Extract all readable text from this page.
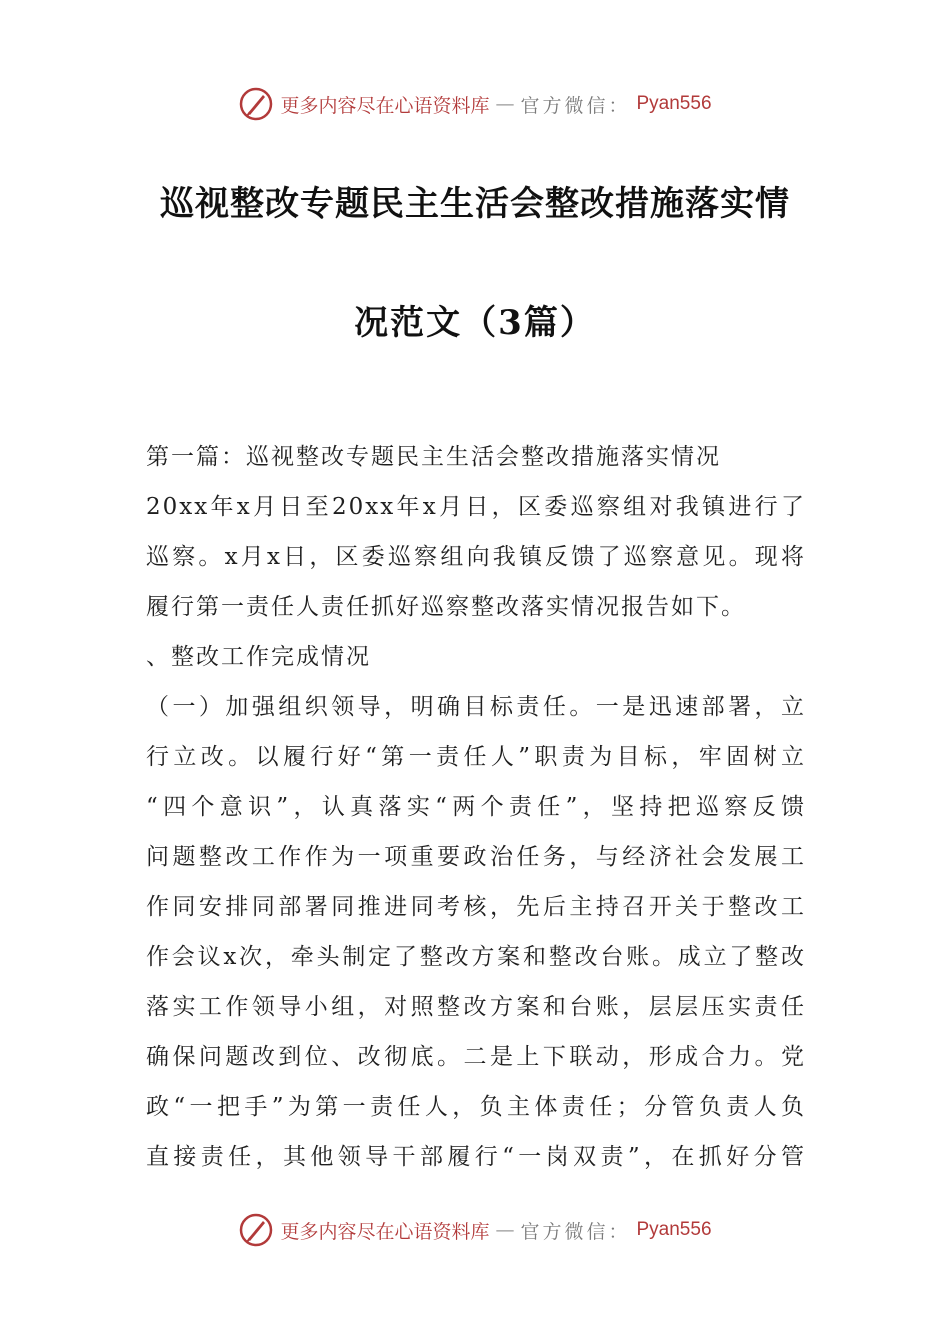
更多内容尽在心语资料库 — 官方微信： Pyan556
巡视整改专题民主生活会整改措施落实情
况范文（3篇）
第一篇：巡视整改专题民主生活会整改措施落实情况
20xx年x月日至20xx年x月日，区委巡察组对我镇进行了
巡察。x月x日，区委巡察组向我镇反馈了巡察意见。现将
履行第一责任人责任抓好巡察整改落实情况报告如下。
、整改工作完成情况
（一）加强组织领导，明确目标责任。一是迅速部署，立
行立改。以履行好“第一责任人”职责为目标，牢固树立
“四个意识”，认真落实“两个责任”，坚持把巡察反馈
问题整改工作作为一项重要政治任务，与经济社会发展工
作同安排同部署同推进同考核，先后主持召开关于整改工
作会议x次，牵头制定了整改方案和整改台账。成立了整改
落实工作领导小组，对照整改方案和台账，层层压实责任
确保问题改到位、改彻底。二是上下联动，形成合力。党
政“一把手”为第一责任人，负主体责任；分管负责人负
直接责任，其他领导干部履行“一岗双责”，在抓好分管
更多内容尽在心语资料库 — 官方微信： Pyan556
